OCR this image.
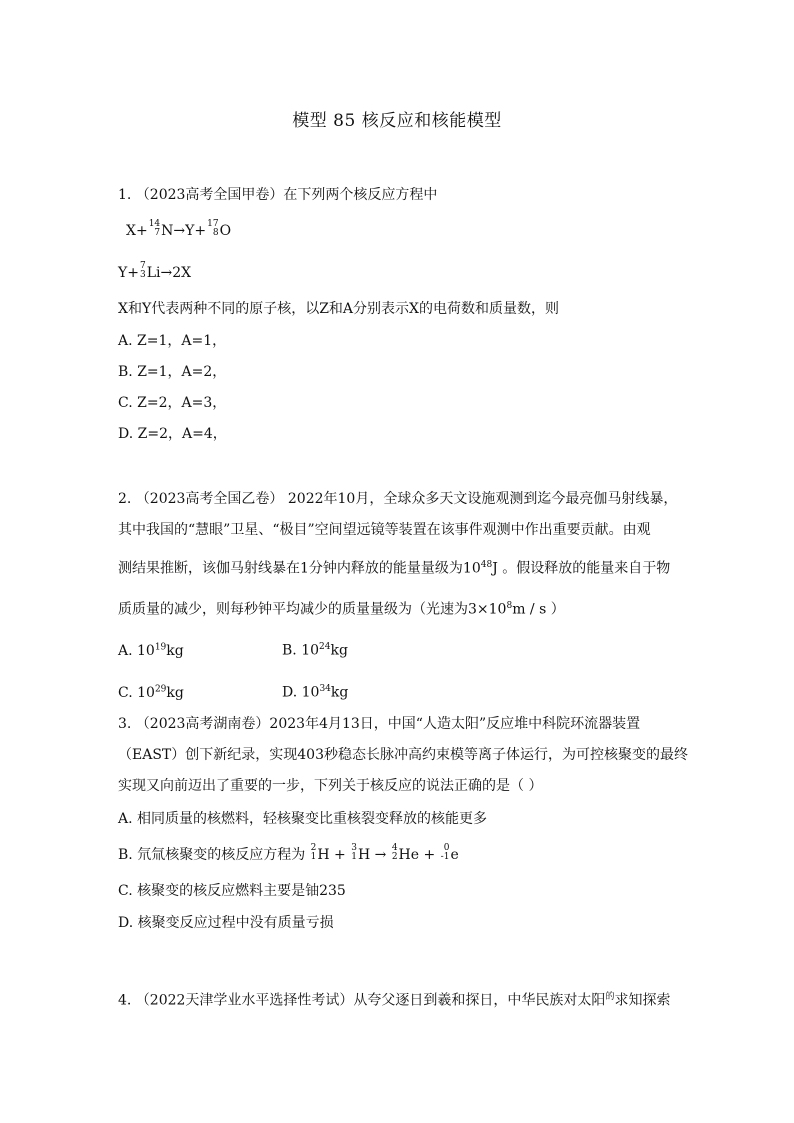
模型 85 核反应和核能模型
1. （2023高考全国甲卷）在下列两个核反应方程中
X+ 14
7 N→Y+ 17
8 O
Y+ 7
3 Li→2X
X和Y代表两种不同的原子核，以Z和A分别表示X的电荷数和质量数，则
A. Z=1，A=1，
B. Z=1，A=2，
C. Z=2，A=3，
D. Z=2，A=4，
2. （2023高考全国乙卷） 2022年10月，全球众多天文设施观测到迄今最亮伽马射线暴，
其中我国的“慧眼”卫星、“极目”空间望远镜等装置在该事件观测中作出重要贡献。由观
测结果推断，该伽马射线暴在1分钟内释放的能量量级为$10^{48}J$ 。假设释放的能量来自于物
质质量的减少，则每秒钟平均减少的质量量级为（光速为$3\times 10^8m / s$ ）
A. $10^{19}kg$	B. $10^{24}kg$
C. $10^{29}kg$	D. $10^{34}kg$
3. （2023高考湖南卷）2023年4月13日，中国“人造太阳”反应堆中科院环流器装置
（EAST）创下新纪录，实现403秒稳态长脉冲高约束模等离子体运行，为可控核聚变的最终
实现又向前迈出了重要的一步，下列关于核反应的说法正确的是（ ）
A. 相同质量的核燃料，轻核聚变比重核裂变释放的核能更多
B. 氘氚核聚变的核反应方程为 2
1 H + 3
1 H → 4
2 He + 0
-1 e
C. 核聚变的核反应燃料主要是铀235
D. 核聚变反应过程中没有质量亏损
4. （2022天津学业水平选择性考试）从夸父逐日到羲和探日，中华民族对太阳$^的$求知探索
